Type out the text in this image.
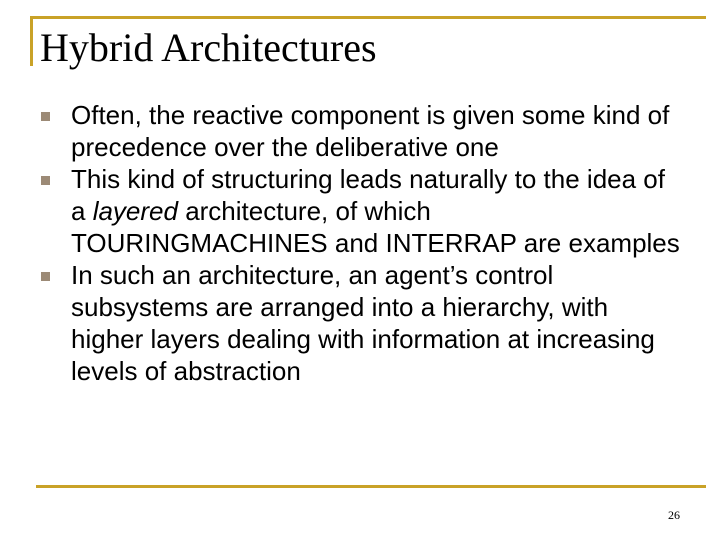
Hybrid Architectures
Often, the reactive component is given some kind of precedence over the deliberative one
This kind of structuring leads naturally to the idea of a layered architecture, of which TOURINGMACHINES and INTERRAP are examples
In such an architecture, an agent’s control subsystems are arranged into a hierarchy, with higher layers dealing with information at increasing levels of abstraction
26
